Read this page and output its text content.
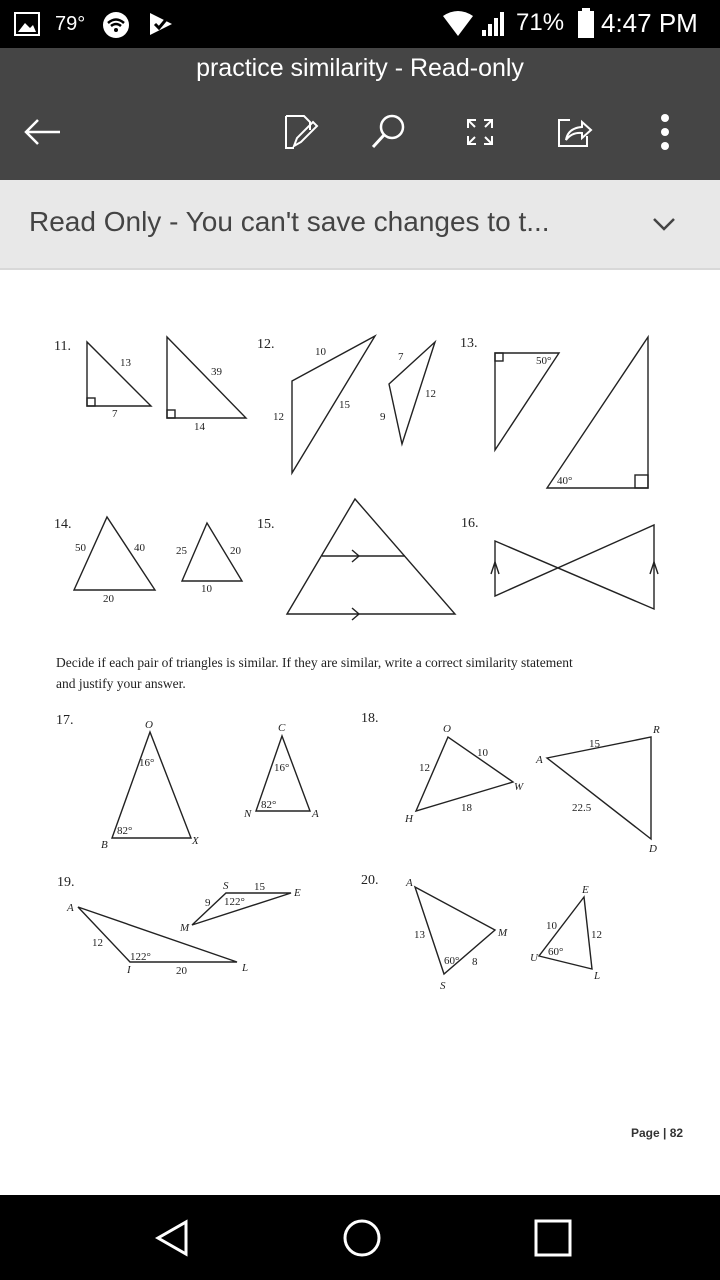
79°	71% 4:47 PM
practice similarity - Read-only
Read Only - You can't save changes to t...
11.
13
7
39
14
12.	10
12
15
7
12
9
13.
50°
40°
14.
50	40
20
25	20
10
15.	16.
17.	O
B	X
16°
82°
C
N	A
16°
82°
18.
O
H
W
12
10
18
A
R
D
15
22.5
19.
A
I	L
12
20
122°
S
E
M
15
9 122°
20.	A
M
S
13
8
60°
E
U
L
10
12
60°
Decide if each pair of triangles is similar. If they are similar, write a correct similarity statement
and justify your answer.
Page | 82
